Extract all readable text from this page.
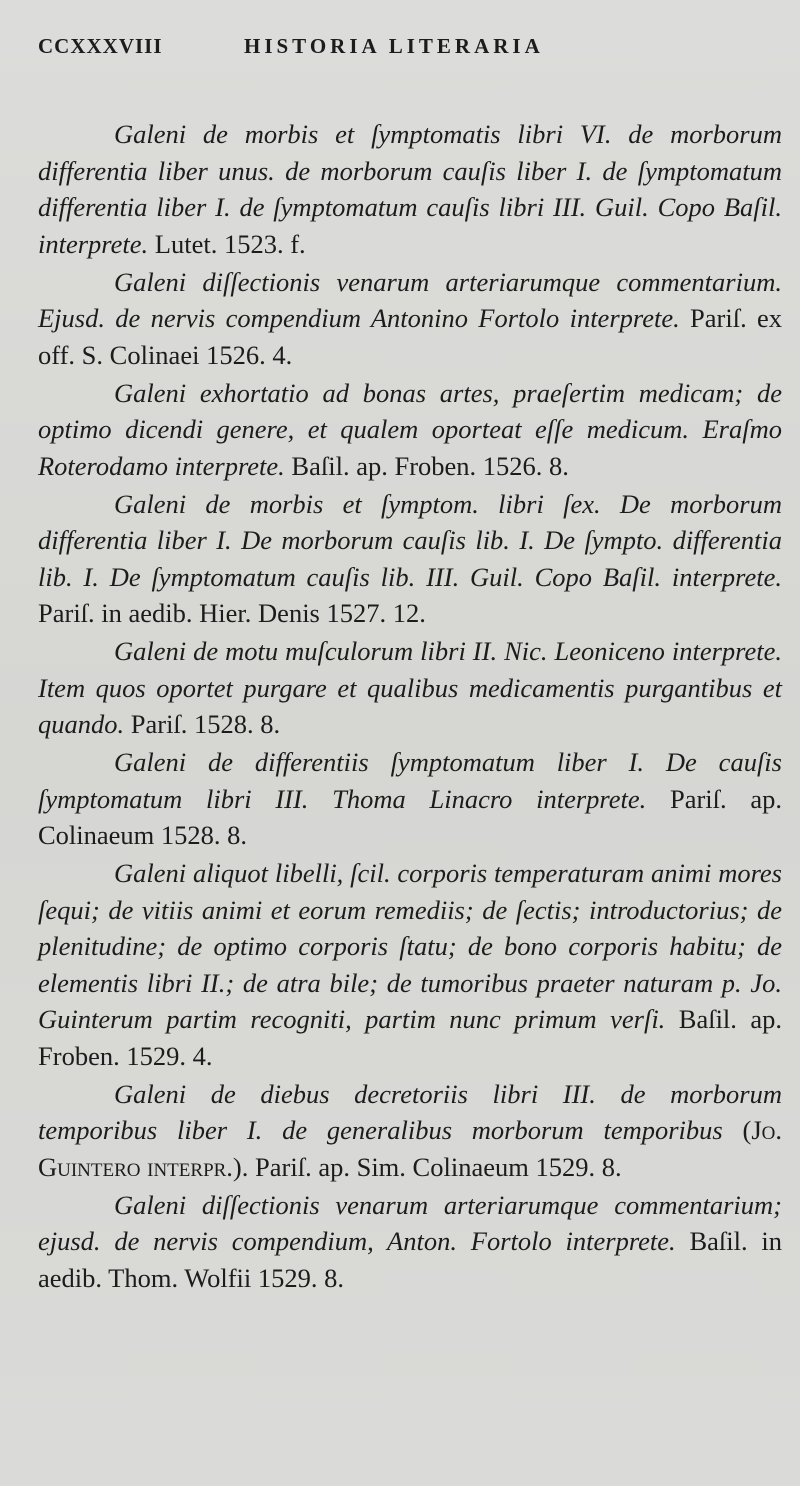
CCXXXVIII	HISTORIA LITERARIA

Galeni de morbis et ſymptomatis libri VI. de morborum differentia liber unus. de morborum cauſis liber I. de ſymptomatum differentia liber I. de ſymptomatum cauſis libri III. Guil. Copo Baſil. interprete. Lutet. 1523. f.

Galeni diſſectionis venarum arteriarumque commentarium. Ejusd. de nervis compendium Antonino Fortolo interprete. Pariſ. ex off. S. Colinaei 1526. 4.

Galeni exhortatio ad bonas artes, praeſertim medicam; de optimo dicendi genere, et qualem oporteat eſſe medicum. Eraſmo Roterodamo interprete. Baſil. ap. Froben. 1526. 8.

Galeni de morbis et ſymptom. libri ſex. De morborum differentia liber I. De morborum cauſis lib. I. De ſympto. differentia lib. I. De ſymptomatum cauſis lib. III. Guil. Copo Baſil. interprete. Pariſ. in aedib. Hier. Denis 1527. 12.

Galeni de motu muſculorum libri II. Nic. Leoniceno interprete. Item quos oportet purgare et qualibus medicamentis purgantibus et quando. Pariſ. 1528. 8.

Galeni de differentiis ſymptomatum liber I. De cauſis ſymptomatum libri III. Thoma Linacro interprete. Pariſ. ap. Colinaeum 1528. 8.

Galeni aliquot libelli, ſcil. corporis temperaturam animi mores ſequi; de vitiis animi et eorum remediis; de ſectis; introductorius; de plenitudine; de optimo corporis ſtatu; de bono corporis habitu; de elementis libri II.; de atra bile; de tumoribus praeter naturam p. Jo. Guinterum partim recogniti, partim nunc primum verſi. Baſil. ap. Froben. 1529. 4.

Galeni de diebus decretoriis libri III. de morborum temporibus liber I. de generalibus morborum temporibus (Jo. Guintero interpr.). Pariſ. ap. Sim. Colinaeum 1529. 8.

Galeni diſſectionis venarum arteriarumque commentarium; ejusd. de nervis compendium, Anton. Fortolo interprete. Baſil. in aedib. Thom. Wolfii 1529. 8.
